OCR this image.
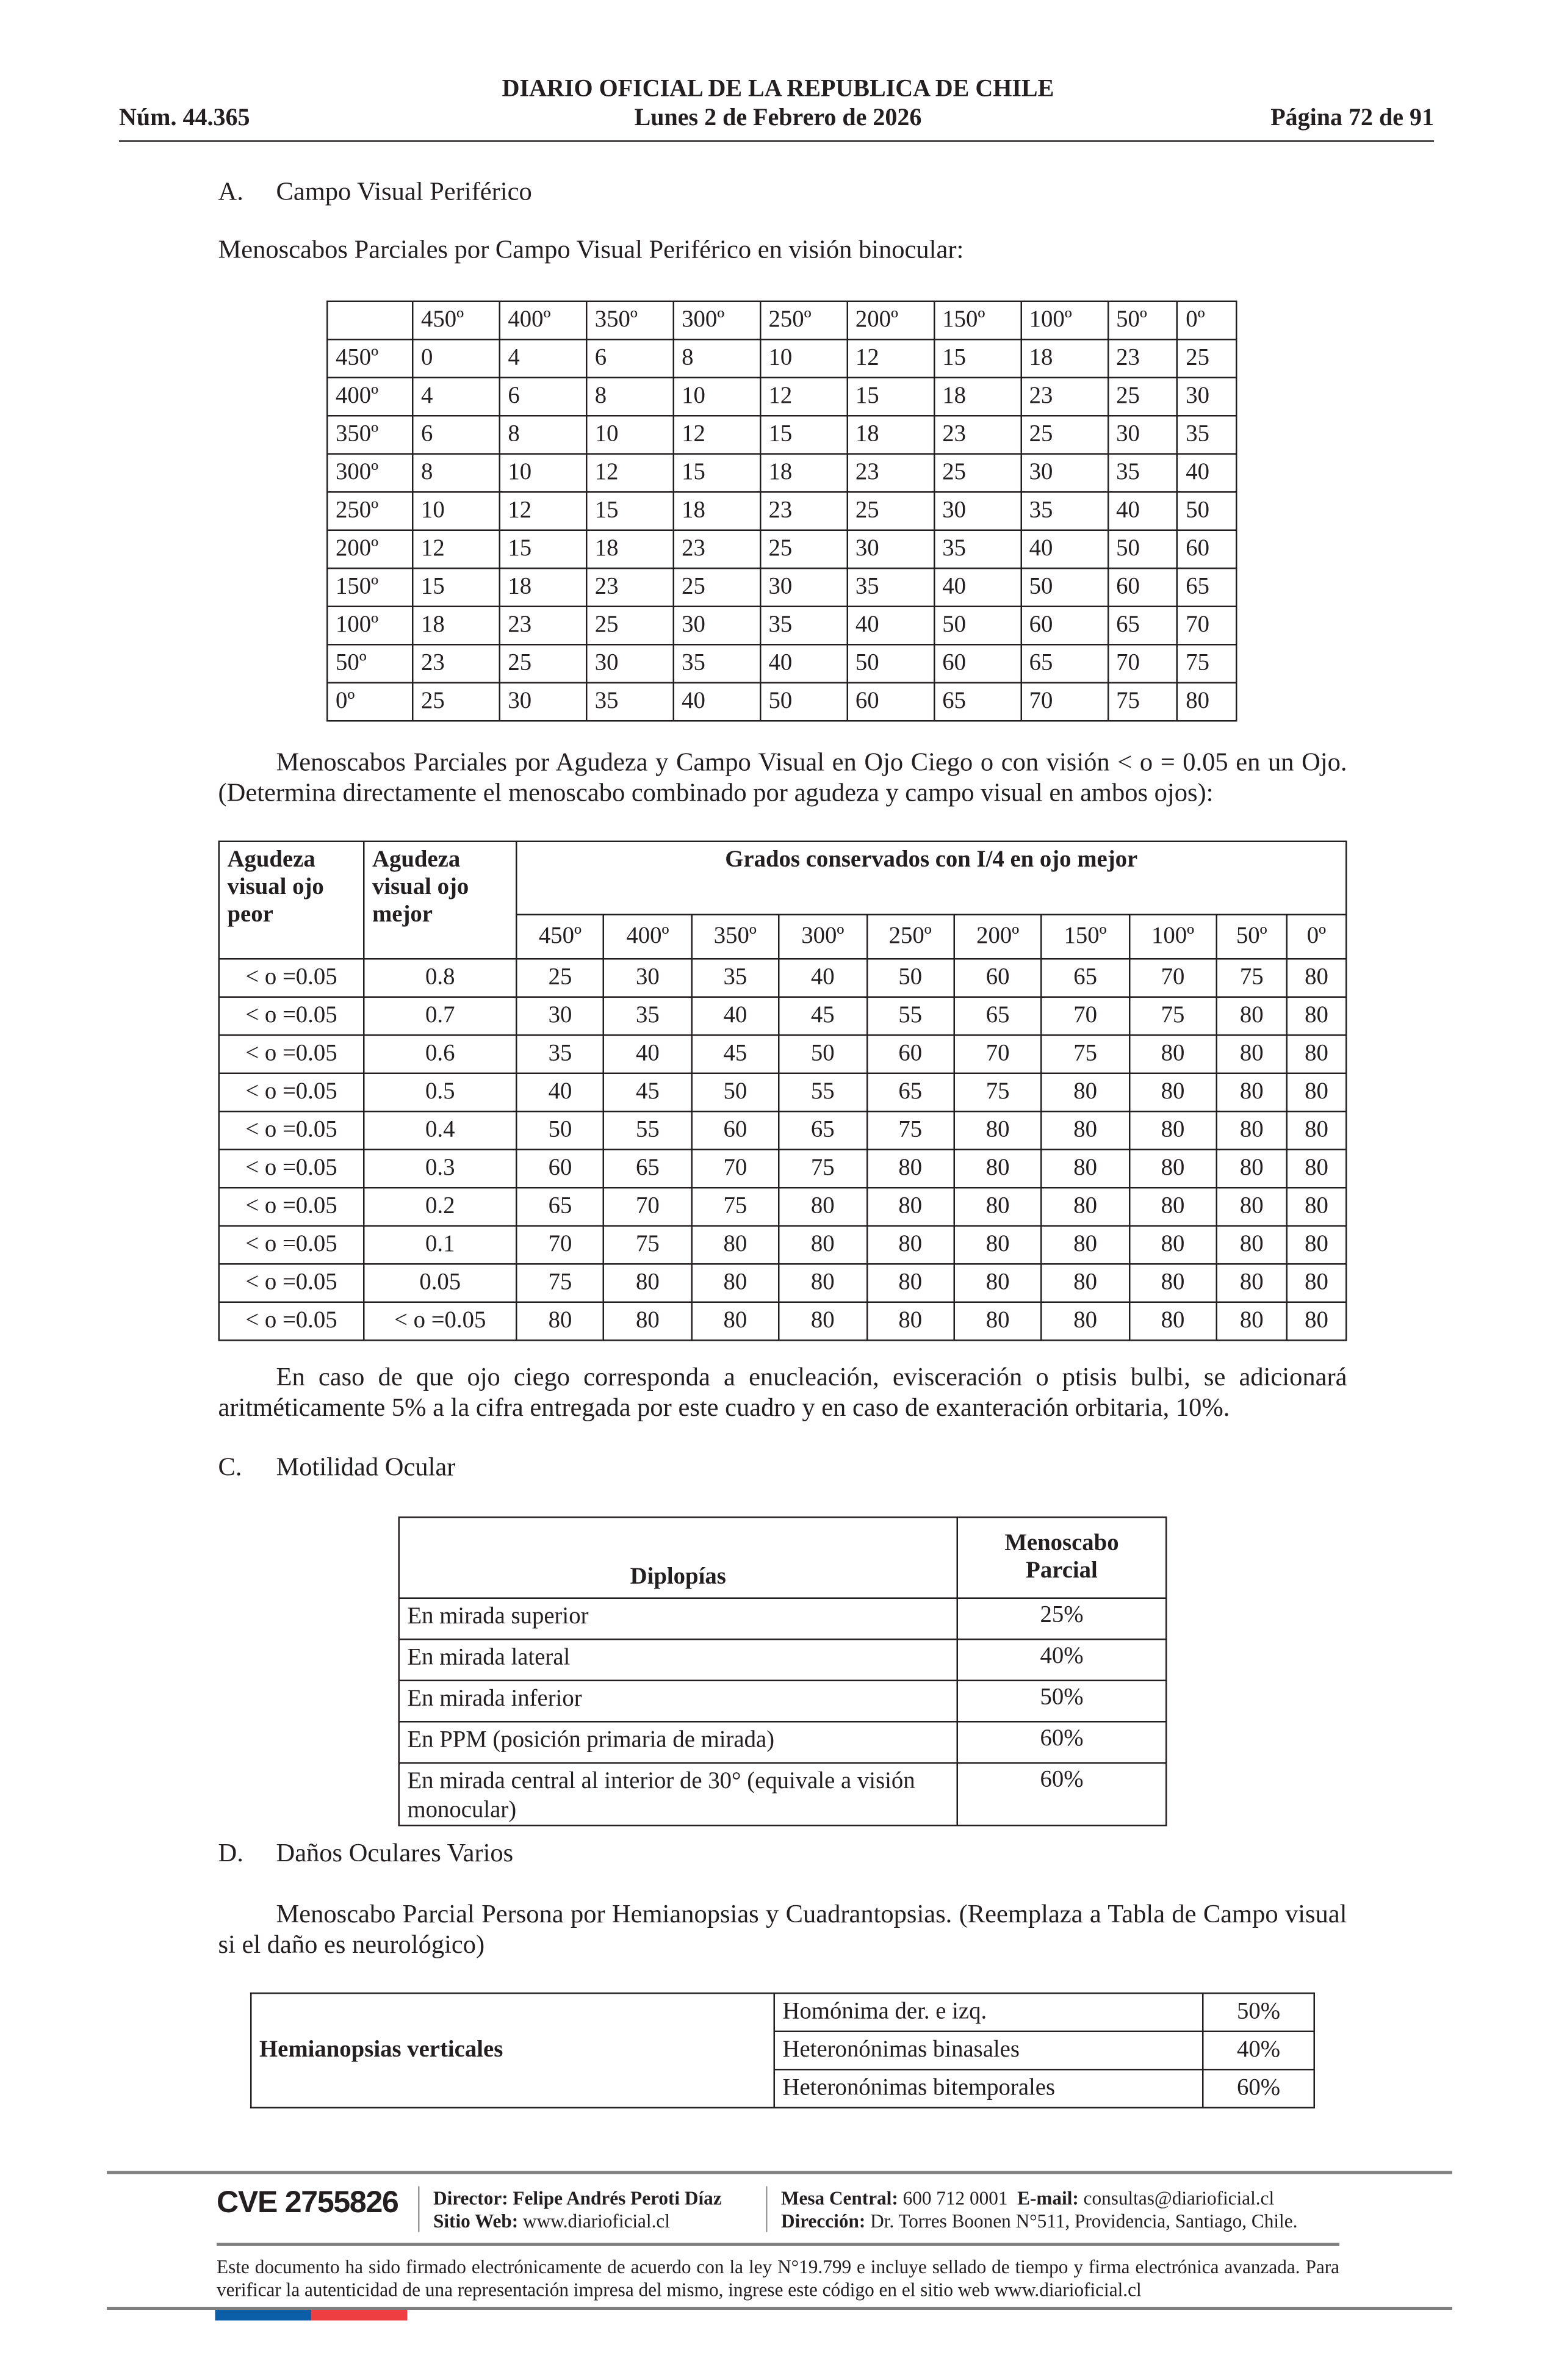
DIARIO OFICIAL DE LA REPUBLICA DE CHILE
Lunes 2 de Febrero de 2026
Núm. 44.365	Página 72 de 91
A.	Campo Visual Periférico
Menoscabos Parciales por Campo Visual Periférico en visión binocular:
	450º	400º	350º	300º	250º	200º	150º	100º	50º	0º
450º	0	4	6	8	10	12	15	18	23	25
400º	4	6	8	10	12	15	18	23	25	30
350º	6	8	10	12	15	18	23	25	30	35
300º	8	10	12	15	18	23	25	30	35	40
250º	10	12	15	18	23	25	30	35	40	50
200º	12	15	18	23	25	30	35	40	50	60
150º	15	18	23	25	30	35	40	50	60	65
100º	18	23	25	30	35	40	50	60	65	70
50º	23	25	30	35	40	50	60	65	70	75
0º	25	30	35	40	50	60	65	70	75	80
Menoscabos Parciales por Agudeza y Campo Visual en Ojo Ciego o con visión < o = 0.05 en un Ojo. (Determina directamente el menoscabo combinado por agudeza y campo visual en ambos ojos):
Agudeza visual ojo peor	Agudeza visual ojo mejor	Grados conservados con I/4 en ojo mejor									
		450º	400º	350º	300º	250º	200º	150º	100º	50º	0º
< o =0.05	0.8	25	30	35	40	50	60	65	70	75	80
< o =0.05	0.7	30	35	40	45	55	65	70	75	80	80
< o =0.05	0.6	35	40	45	50	60	70	75	80	80	80
< o =0.05	0.5	40	45	50	55	65	75	80	80	80	80
< o =0.05	0.4	50	55	60	65	75	80	80	80	80	80
< o =0.05	0.3	60	65	70	75	80	80	80	80	80	80
< o =0.05	0.2	65	70	75	80	80	80	80	80	80	80
< o =0.05	0.1	70	75	80	80	80	80	80	80	80	80
< o =0.05	0.05	75	80	80	80	80	80	80	80	80	80
< o =0.05	< o =0.05	80	80	80	80	80	80	80	80	80	80
En caso de que ojo ciego corresponda a enucleación, evisceración o ptisis bulbi, se adicionará aritméticamente 5% a la cifra entregada por este cuadro y en caso de exanteración orbitaria, 10%.
C.	Motilidad Ocular
Diplopías	Menoscabo Parcial
En mirada superior	25%
En mirada lateral	40%
En mirada inferior	50%
En PPM (posición primaria de mirada)	60%
En mirada central al interior de 30° (equivale a visión monocular)	60%
D.	Daños Oculares Varios
Menoscabo Parcial Persona por Hemianopsias y Cuadrantopsias. (Reemplaza a Tabla de Campo visual si el daño es neurológico)
Hemianopsias verticales	Homónima der. e izq.	50%
	Heteronónimas binasales	40%
	Heteronónimas bitemporales	60%
CVE 2755826	Director: Felipe Andrés Peroti Díaz
Sitio Web: www.diarioficial.cl
Mesa Central: 600 712 0001 E-mail: consultas@diarioficial.cl
Dirección: Dr. Torres Boonen N°511, Providencia, Santiago, Chile.
Este documento ha sido firmado electrónicamente de acuerdo con la ley N°19.799 e incluye sellado de tiempo y firma electrónica avanzada. Para verificar la autenticidad de una representación impresa del mismo, ingrese este código en el sitio web www.diarioficial.cl
